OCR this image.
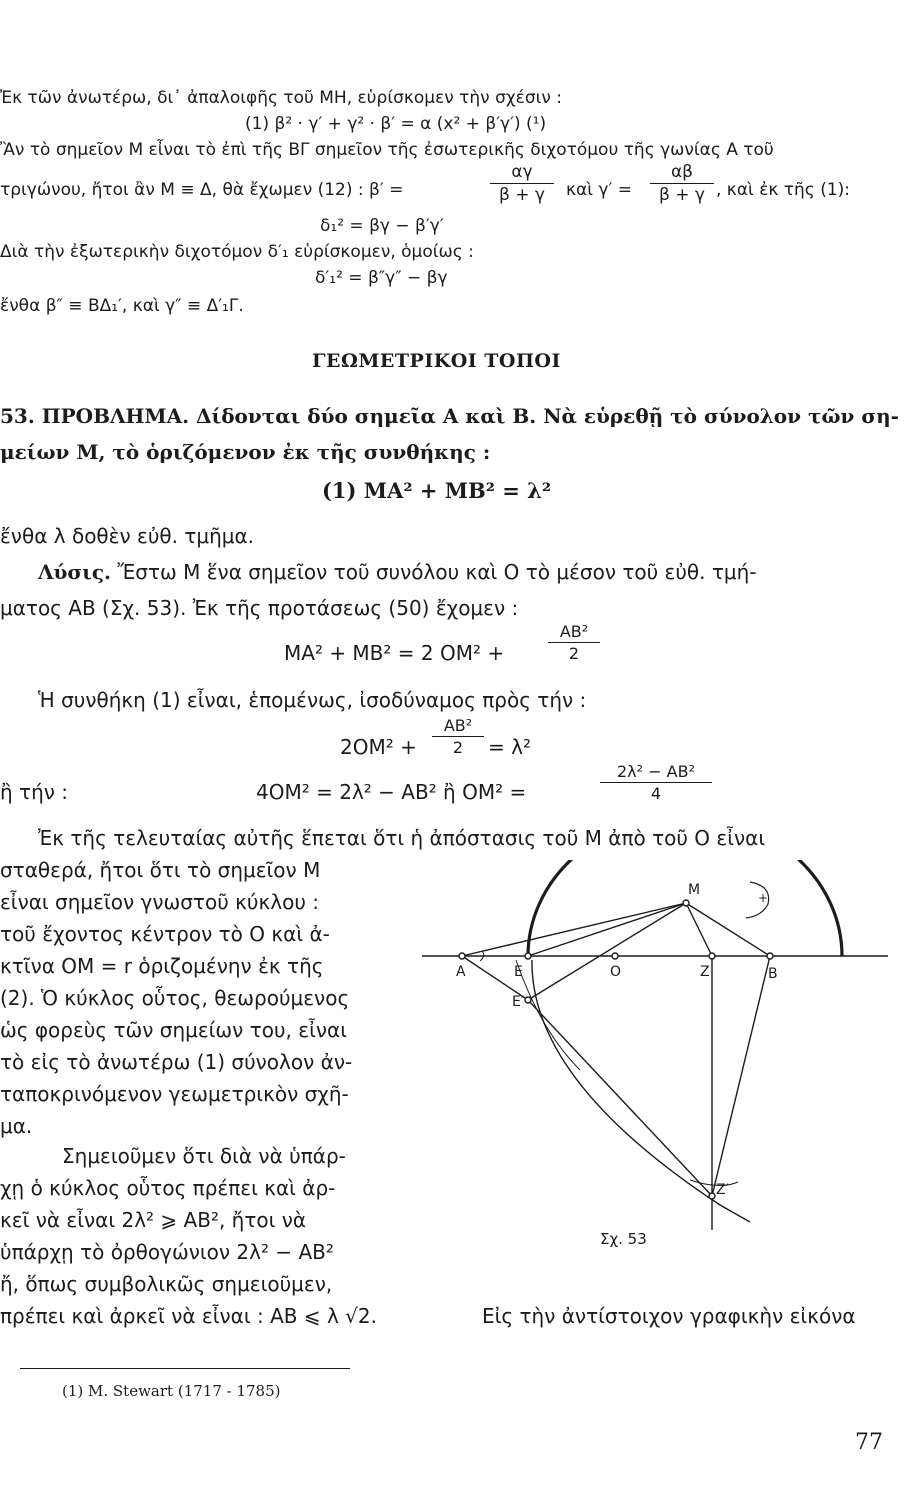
Ἐκ τῶν ἀνωτέρω, δι᾿ ἀπαλοιφῆς τοῦ ΜΗ, εὑρίσκομεν τὴν σχέσιν :
(1) β² · γ′ + γ² · β′ = α (x² + β′γ′) (¹)
Ἂν τὸ σημεῖον Μ εἶναι τὸ ἐπὶ τῆς ΒΓ σημεῖον τῆς ἐσωτερικῆς διχοτόμου τῆς γωνίας Α τοῦ
τριγώνου, ἤτοι ἂν Μ ≡ Δ, θὰ ἔχωμεν (12) : β′ =
αγ
β + γ	καὶ γ′ =
αβ
β + γ , καὶ ἐκ τῆς (1):
δ₁² = βγ − β′γ′
Διὰ τὴν ἐξωτερικὴν διχοτόμον δ′₁ εὑρίσκομεν, ὁμοίως :
δ′₁² = β″γ″ − βγ
ἔνθα β″ ≡ ΒΔ₁′, καὶ γ″ ≡ Δ′₁Γ.
ΓΕΩΜΕΤΡΙΚΟΙ ΤΟΠΟΙ
53. ΠΡΟΒΛΗΜΑ. Δίδονται δύο σημεῖα Α καὶ Β. Νὰ εὑρεθῇ τὸ σύνολον τῶν ση-
μείων Μ, τὸ ὁριζόμενον ἐκ τῆς συνθήκης :
(1) ΜΑ² + ΜΒ² = λ²
ἔνθα λ δοθὲν εὐθ. τμῆμα.
Λύσις. Ἔστω Μ ἕνα σημεῖον τοῦ συνόλου καὶ Ο τὸ μέσον τοῦ εὐθ. τμή-
ματος ΑΒ (Σχ. 53). Ἐκ τῆς προτάσεως (50) ἔχομεν :
ΜΑ² + ΜΒ² = 2 ΟΜ² +
ΑΒ²
2
Ἡ συνθήκη (1) εἶναι, ἑπομένως, ἰσοδύναμος πρὸς τήν :
2ΟΜ² +
ΑΒ²
2	= λ²
ἢ τήν :	4ΟΜ² = 2λ² − ΑΒ² ἢ ΟΜ² =
2λ² − ΑΒ²
4
Ἐκ τῆς τελευταίας αὐτῆς ἕπεται ὅτι ἡ ἀπόστασις τοῦ Μ ἀπὸ τοῦ Ο εἶναι
σταθερά, ἤτοι ὅτι τὸ σημεῖον Μ
εἶναι σημεῖον γνωστοῦ κύκλου :
τοῦ ἔχοντος κέντρον τὸ Ο καὶ ἀ-
κτῖνα ΟΜ = r ὁριζομένην ἐκ τῆς
(2). Ὁ κύκλος οὗτος, θεωρούμενος
ὡς φορεὺς τῶν σημείων του, εἶναι
τὸ εἰς τὸ ἀνωτέρω (1) σύνολον ἀν-
ταποκρινόμενον γεωμετρικὸν σχῆ-
μα.
Σημειοῦμεν ὅτι διὰ νὰ ὑπάρ-
χῃ ὁ κύκλος οὗτος πρέπει καὶ ἀρ-
κεῖ νὰ εἶναι 2λ² ⩾ ΑΒ², ἤτοι νὰ
ὑπάρχῃ τὸ ὀρθογώνιον 2λ² − ΑΒ²
ἤ, ὅπως συμβολικῶς σημειοῦμεν,
πρέπει καὶ ἀρκεῖ νὰ εἶναι : ΑΒ ⩽ λ √2.	Εἰς τὴν ἀντίστοιχον γραφικὴν εἰκόνα
Α	Ε	Ο	Ζ	Β
Μ
Ε′
Ζ′
+
Σχ. 53
(1) M. Stewart (1717 - 1785)
77
